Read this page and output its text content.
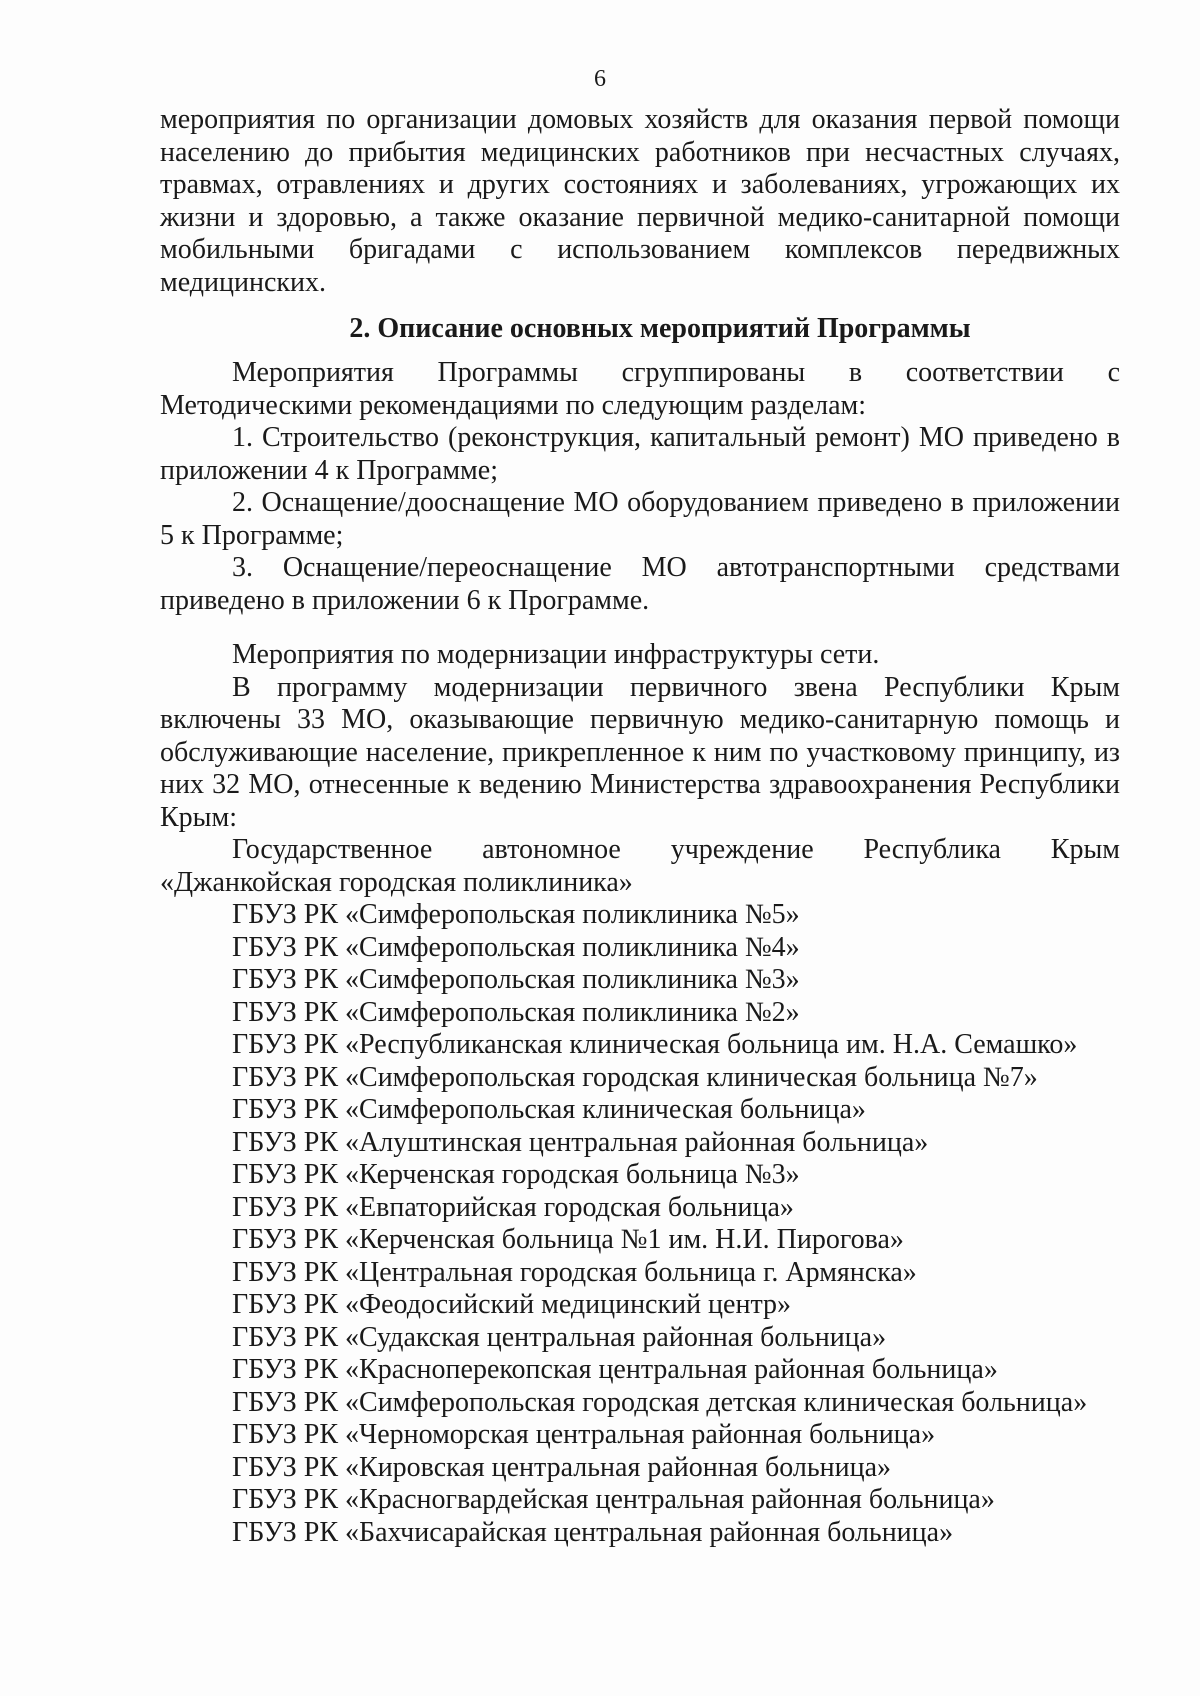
6

мероприятия по организации домовых хозяйств для оказания первой помощи населению до прибытия медицинских работников при несчастных случаях, травмах, отравлениях и других состояниях и заболеваниях, угрожающих их жизни и здоровью, а также оказание первичной медико-санитарной помощи мобильными бригадами с использованием комплексов передвижных медицинских.

2. Описание основных мероприятий Программы

Мероприятия Программы сгруппированы в соответствии с Методическими рекомендациями по следующим разделам:

1. Строительство (реконструкция, капитальный ремонт) МО приведено в приложении 4 к Программе;

2. Оснащение/дооснащение МО оборудованием приведено в приложении 5 к Программе;

3. Оснащение/переоснащение МО автотранспортными средствами приведено в приложении 6 к Программе.

Мероприятия по модернизации инфраструктуры сети.

В программу модернизации первичного звена Республики Крым включены 33 МО, оказывающие первичную медико-санитарную помощь и обслуживающие население, прикрепленное к ним по участковому принципу, из них 32 МО, отнесенные к ведению Министерства здравоохранения Республики Крым:

Государственное автономное учреждение Республика Крым «Джанкойская городская поликлиника»

ГБУЗ РК «Симферопольская поликлиника №5»
ГБУЗ РК «Симферопольская поликлиника №4»
ГБУЗ РК «Симферопольская поликлиника №3»
ГБУЗ РК «Симферопольская поликлиника №2»
ГБУЗ РК «Республиканская клиническая больница им. Н.А. Семашко»
ГБУЗ РК «Симферопольская городская клиническая больница №7»
ГБУЗ РК «Симферопольская клиническая больница»
ГБУЗ РК «Алуштинская центральная районная больница»
ГБУЗ РК «Керченская городская больница №3»
ГБУЗ РК «Евпаторийская городская больница»
ГБУЗ РК «Керченская больница №1 им. Н.И. Пирогова»
ГБУЗ РК «Центральная городская больница г. Армянска»
ГБУЗ РК «Феодосийский медицинский центр»
ГБУЗ РК «Судакская центральная районная больница»
ГБУЗ РК «Красноперекопская центральная районная больница»
ГБУЗ РК «Симферопольская городская детская клиническая больница»
ГБУЗ РК «Черноморская центральная районная больница»
ГБУЗ РК «Кировская центральная районная больница»
ГБУЗ РК «Красногвардейская центральная районная больница»
ГБУЗ РК «Бахчисарайская центральная районная больница»
